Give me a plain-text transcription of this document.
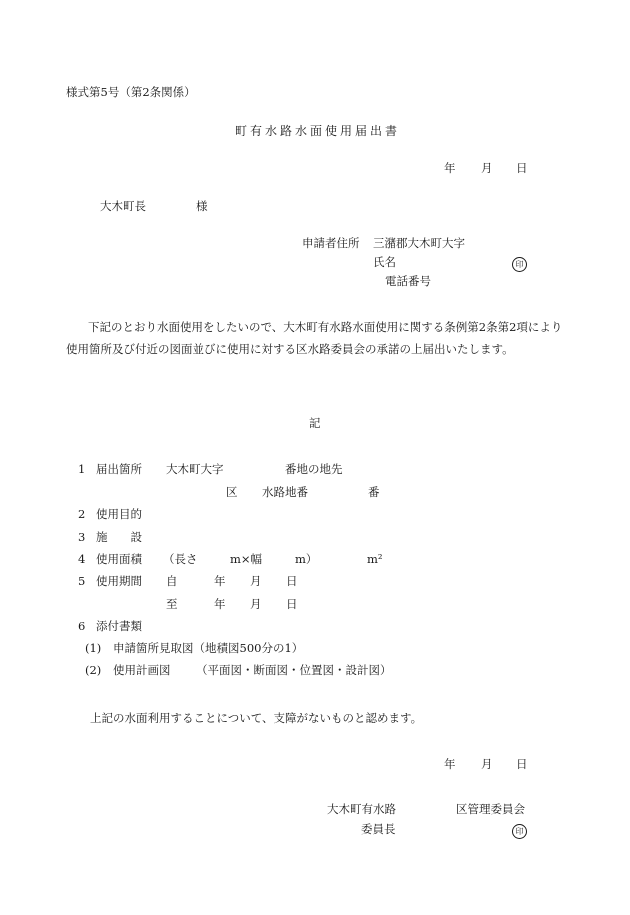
様式第5号（第2条関係）
町有水路水面使用届出書
年 月 日
大木町長	様
申請者住所 三潴郡大木町大字
氏名	印
電話番号
下記のとおり水面使用をしたいので、大木町有水路水面使用に関する条例第2条第2項により使用箇所及び付近の図面並びに使用に対する区水路委員会の承諾の上届出いたします。
記
1 届出箇所 大木町大字	番地の地先
区 水路地番	番
2 使用目的
3 施　　設
4 使用面積 （長さ	m×幅	m）	m²
5 使用期間 自	年 月 日
至	年 月 日
6 添付書類
(1) 申請箇所見取図（地積図500分の1）
(2) 使用計画図 （平面図・断面図・位置図・設計図）
上記の水面利用することについて、支障がないものと認めます。
年 月 日
大木町有水路	区管理委員会
委員長	印
